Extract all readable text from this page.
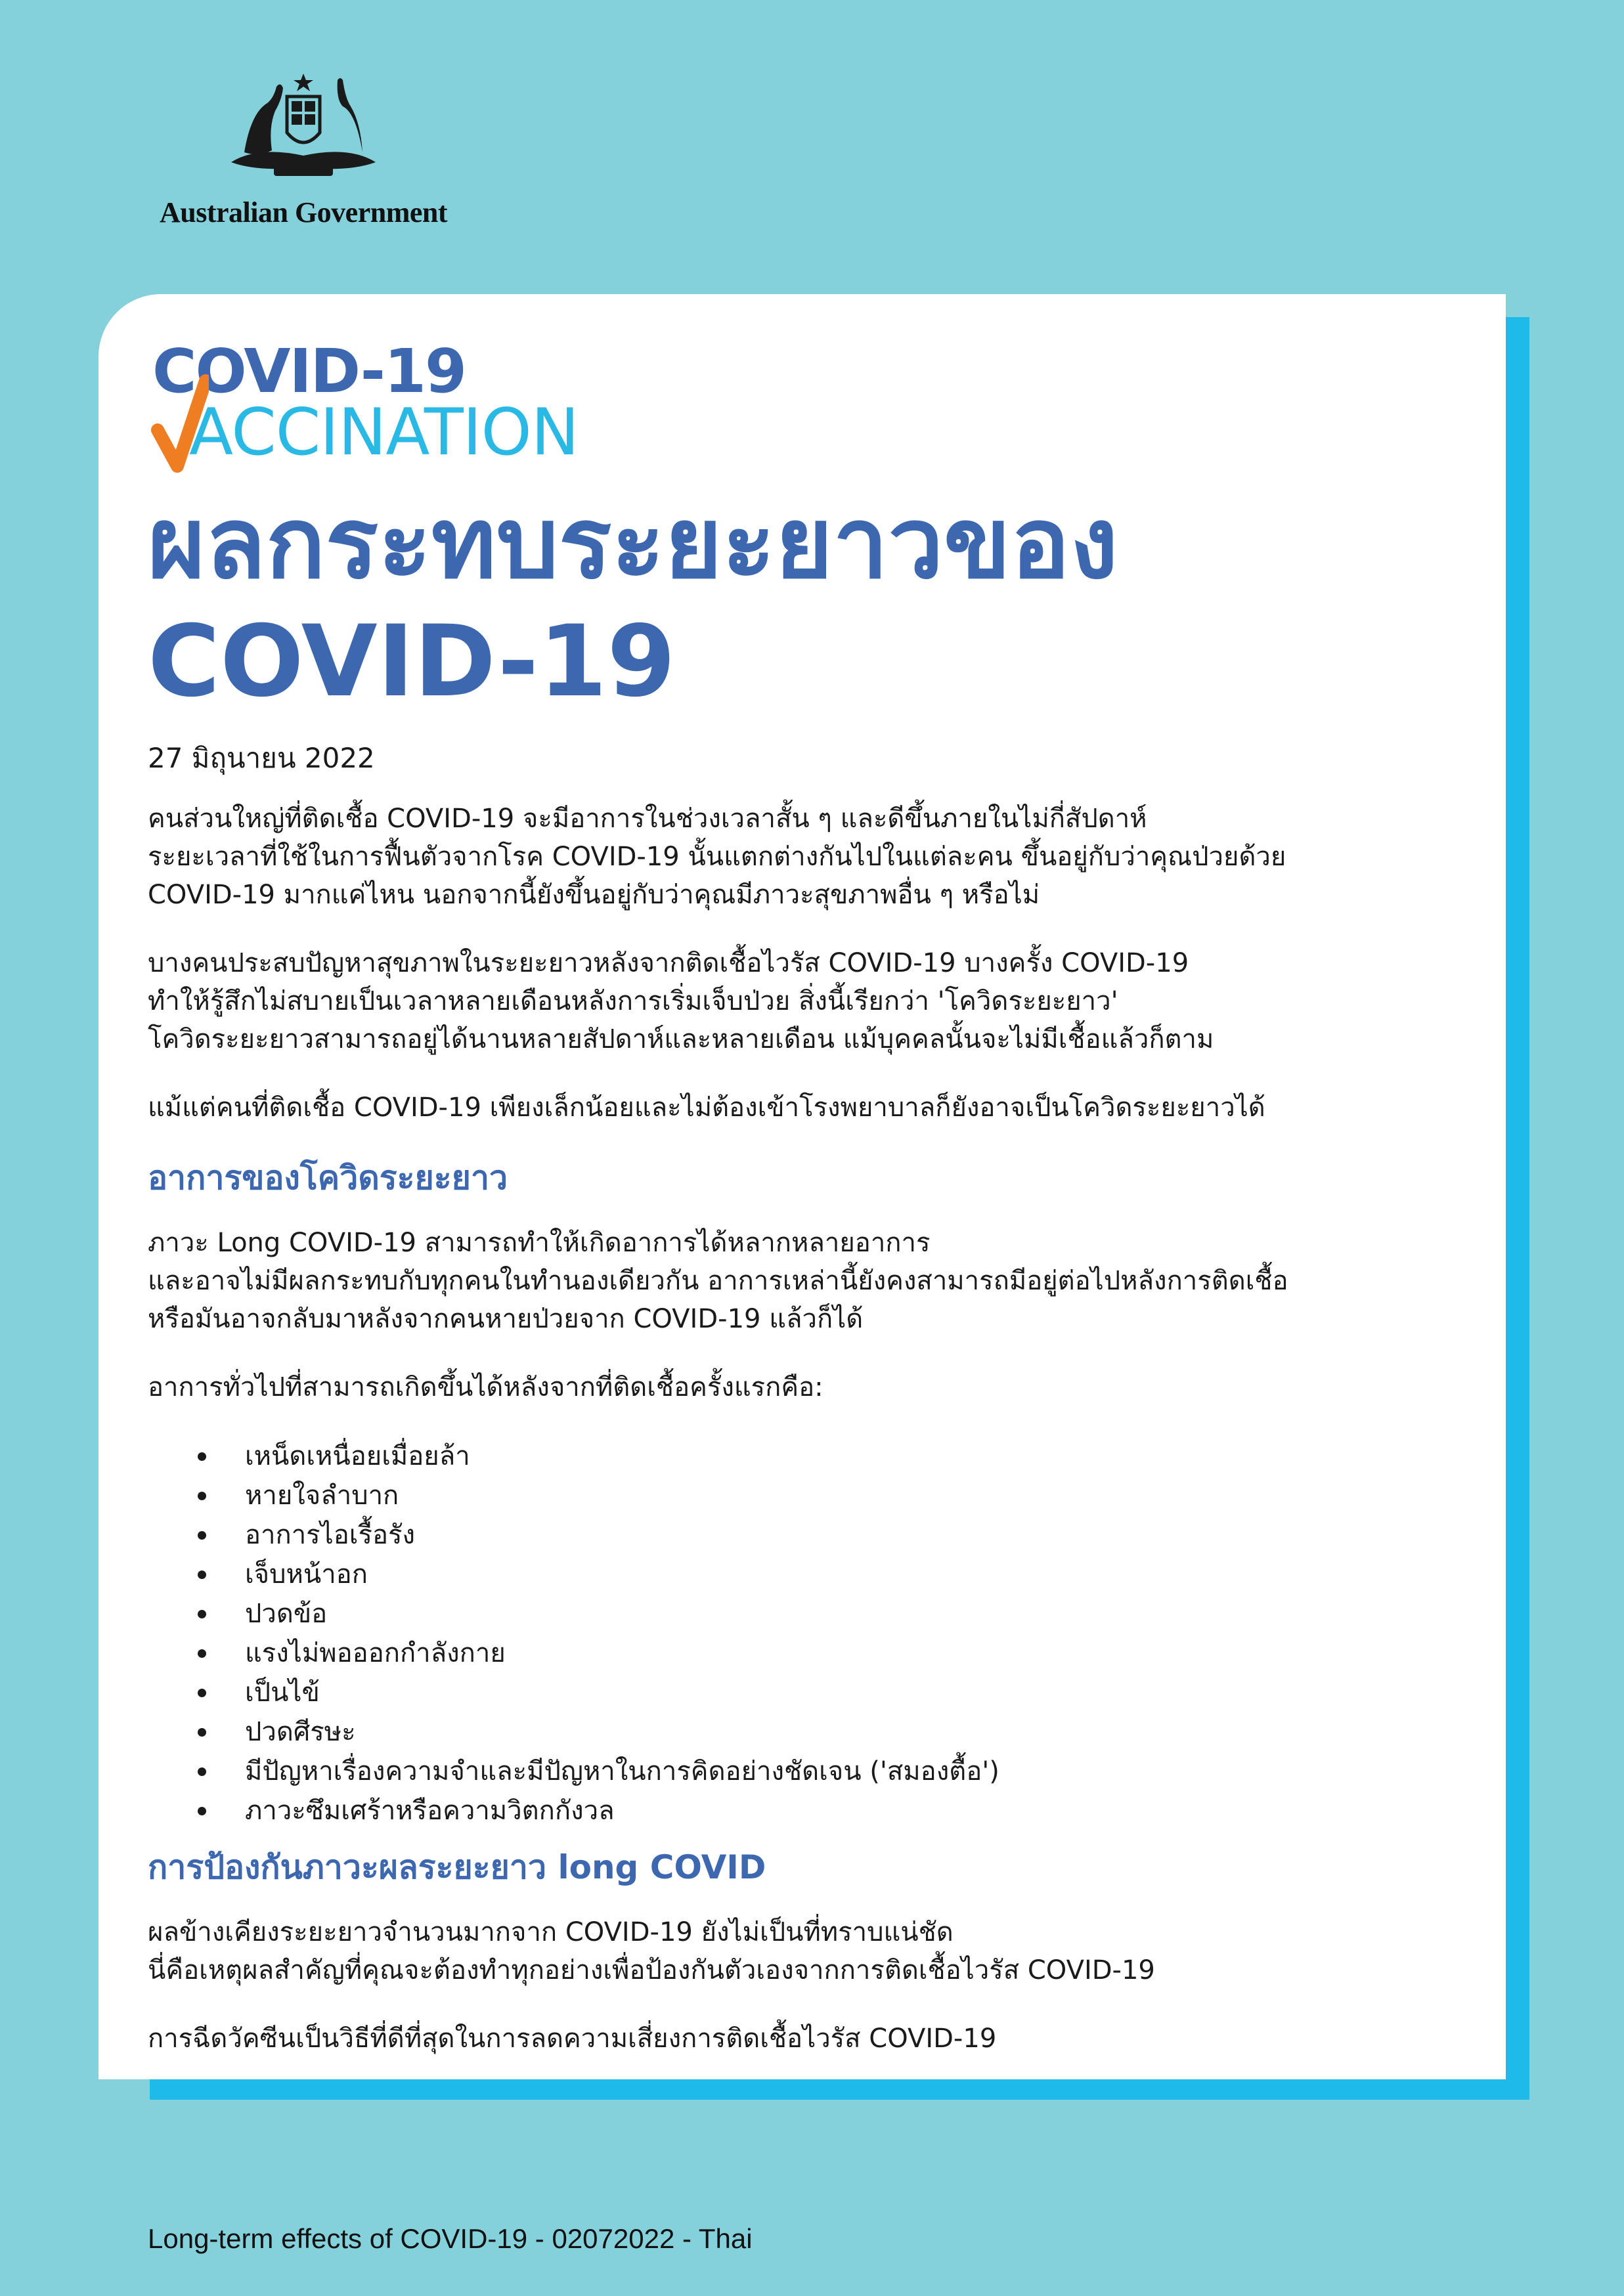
Australian Government
COVID-19
ACCINATION
ผลกระทบระยะยาวของ
COVID-19
27 มิถุนายน 2022

คนส่วนใหญ่ที่ติดเชื้อ COVID-19 จะมีอาการในช่วงเวลาสั้น ๆ และดีขึ้นภายในไม่กี่สัปดาห์
ระยะเวลาที่ใช้ในการฟื้นตัวจากโรค COVID-19 นั้นแตกต่างกันไปในแต่ละคน ขึ้นอยู่กับว่าคุณป่วยด้วย
COVID-19 มากแค่ไหน นอกจากนี้ยังขึ้นอยู่กับว่าคุณมีภาวะสุขภาพอื่น ๆ หรือไม่

บางคนประสบปัญหาสุขภาพในระยะยาวหลังจากติดเชื้อไวรัส COVID-19 บางครั้ง COVID-19
ทำให้รู้สึกไม่สบายเป็นเวลาหลายเดือนหลังการเริ่มเจ็บป่วย สิ่งนี้เรียกว่า 'โควิดระยะยาว'
โควิดระยะยาวสามารถอยู่ได้นานหลายสัปดาห์และหลายเดือน แม้บุคคลนั้นจะไม่มีเชื้อแล้วก็ตาม

แม้แต่คนที่ติดเชื้อ COVID-19 เพียงเล็กน้อยและไม่ต้องเข้าโรงพยาบาลก็ยังอาจเป็นโควิดระยะยาวได้

อาการของโควิดระยะยาว

ภาวะ Long COVID-19 สามารถทำให้เกิดอาการได้หลากหลายอาการ
และอาจไม่มีผลกระทบกับทุกคนในทำนองเดียวกัน อาการเหล่านี้ยังคงสามารถมีอยู่ต่อไปหลังการติดเชื้อ
หรือมันอาจกลับมาหลังจากคนหายป่วยจาก COVID-19 แล้วก็ได้

อาการทั่วไปที่สามารถเกิดขึ้นได้หลังจากที่ติดเชื้อครั้งแรกคือ:

เหน็ดเหนื่อยเมื่อยล้า
หายใจลำบาก
อาการไอเรื้อรัง
เจ็บหน้าอก
ปวดข้อ
แรงไม่พอออกกำลังกาย
เป็นไข้
ปวดศีรษะ
มีปัญหาเรื่องความจำและมีปัญหาในการคิดอย่างชัดเจน ('สมองตื้อ')
ภาวะซึมเศร้าหรือความวิตกกังวล
การป้องกันภาวะผลระยะยาว long COVID

ผลข้างเคียงระยะยาวจำนวนมากจาก COVID-19 ยังไม่เป็นที่ทราบแน่ชัด
นี่คือเหตุผลสำคัญที่คุณจะต้องทำทุกอย่างเพื่อป้องกันตัวเองจากการติดเชื้อไวรัส COVID-19

การฉีดวัคซีนเป็นวิธีที่ดีที่สุดในการลดความเสี่ยงการติดเชื้อไวรัส COVID-19

Long-term effects of COVID-19 - 02072022 - Thai
